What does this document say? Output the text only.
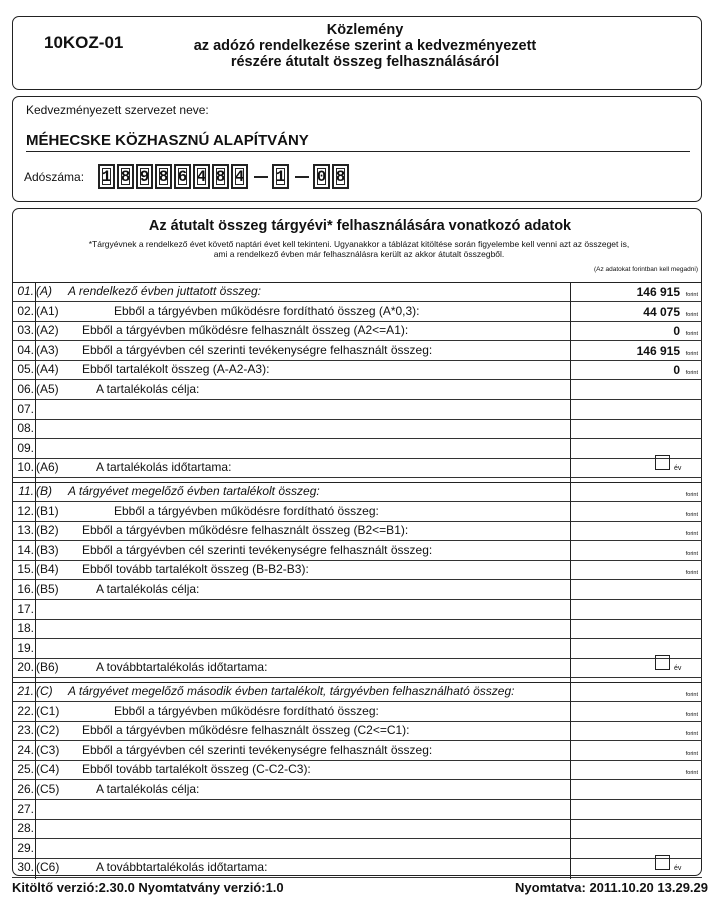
10KOZ-01
Közlemény
az adózó rendelkezése szerint a kedvezményezett
részére átutalt összeg felhasználásáról
Kedvezményezett szervezet neve:
MÉHECSKE KÖZHASZNÚ ALAPÍTVÁNY
Adószáma: 1 8 9 8 6 4 8 4 1 0 8
Az átutalt összeg tárgyévi* felhasználására vonatkozó adatok
*Tárgyévnek a rendelkező évet követő naptári évet kell tekinteni. Ugyanakkor a táblázat kitöltése során figyelembe kell venni azt az összeget is,
ami a rendelkező évben már felhasználásra került az akkor átutalt összegből.
(Az adatokat forintban kell megadni)
01. (A) A rendelkező évben juttatott összeg:	146 915 forint
02. (A1)	Ebből a tárgyévben működésre fordítható összeg (A*0,3):	44 075 forint
03. (A2) Ebből a tárgyévben működésre felhasznált összeg (A2<=A1):	0 forint
04. (A3) Ebből a tárgyévben cél szerinti tevékenységre felhasznált összeg:	146 915 forint
05. (A4) Ebből tartalékolt összeg (A-A2-A3):	0 forint
06. (A5)	A tartalékolás célja:
07.
08.
09.
10. (A6)	A tartalékolás időtartama:	év
11. (B) A tárgyévet megelőző évben tartalékolt összeg:	forint
12. (B1)	Ebből a tárgyévben működésre fordítható összeg:	forint
13. (B2) Ebből a tárgyévben működésre felhasznált összeg (B2<=B1):	forint
14. (B3) Ebből a tárgyévben cél szerinti tevékenységre felhasznált összeg:	forint
15. (B4) Ebből tovább tartalékolt összeg (B-B2-B3):	forint
16. (B5)	A tartalékolás célja:
17.
18.
19.
20. (B6)	A továbbtartalékolás időtartama:	év
21. (C) A tárgyévet megelőző második évben tartalékolt, tárgyévben felhasználható összeg:	forint
22. (C1)	Ebből a tárgyévben működésre fordítható összeg:	forint
23. (C2) Ebből a tárgyévben működésre felhasznált összeg (C2<=C1):	forint
24. (C3) Ebből a tárgyévben cél szerinti tevékenységre felhasznált összeg:	forint
25. (C4) Ebből tovább tartalékolt összeg (C-C2-C3):	forint
26. (C5)	A tartalékolás célja:
27.
28.
29.
30. (C6)	A továbbtartalékolás időtartama:	év
Kitöltő verzió:2.30.0 Nyomtatvány verzió:1.0	Nyomtatva: 2011.10.20 13.29.29
